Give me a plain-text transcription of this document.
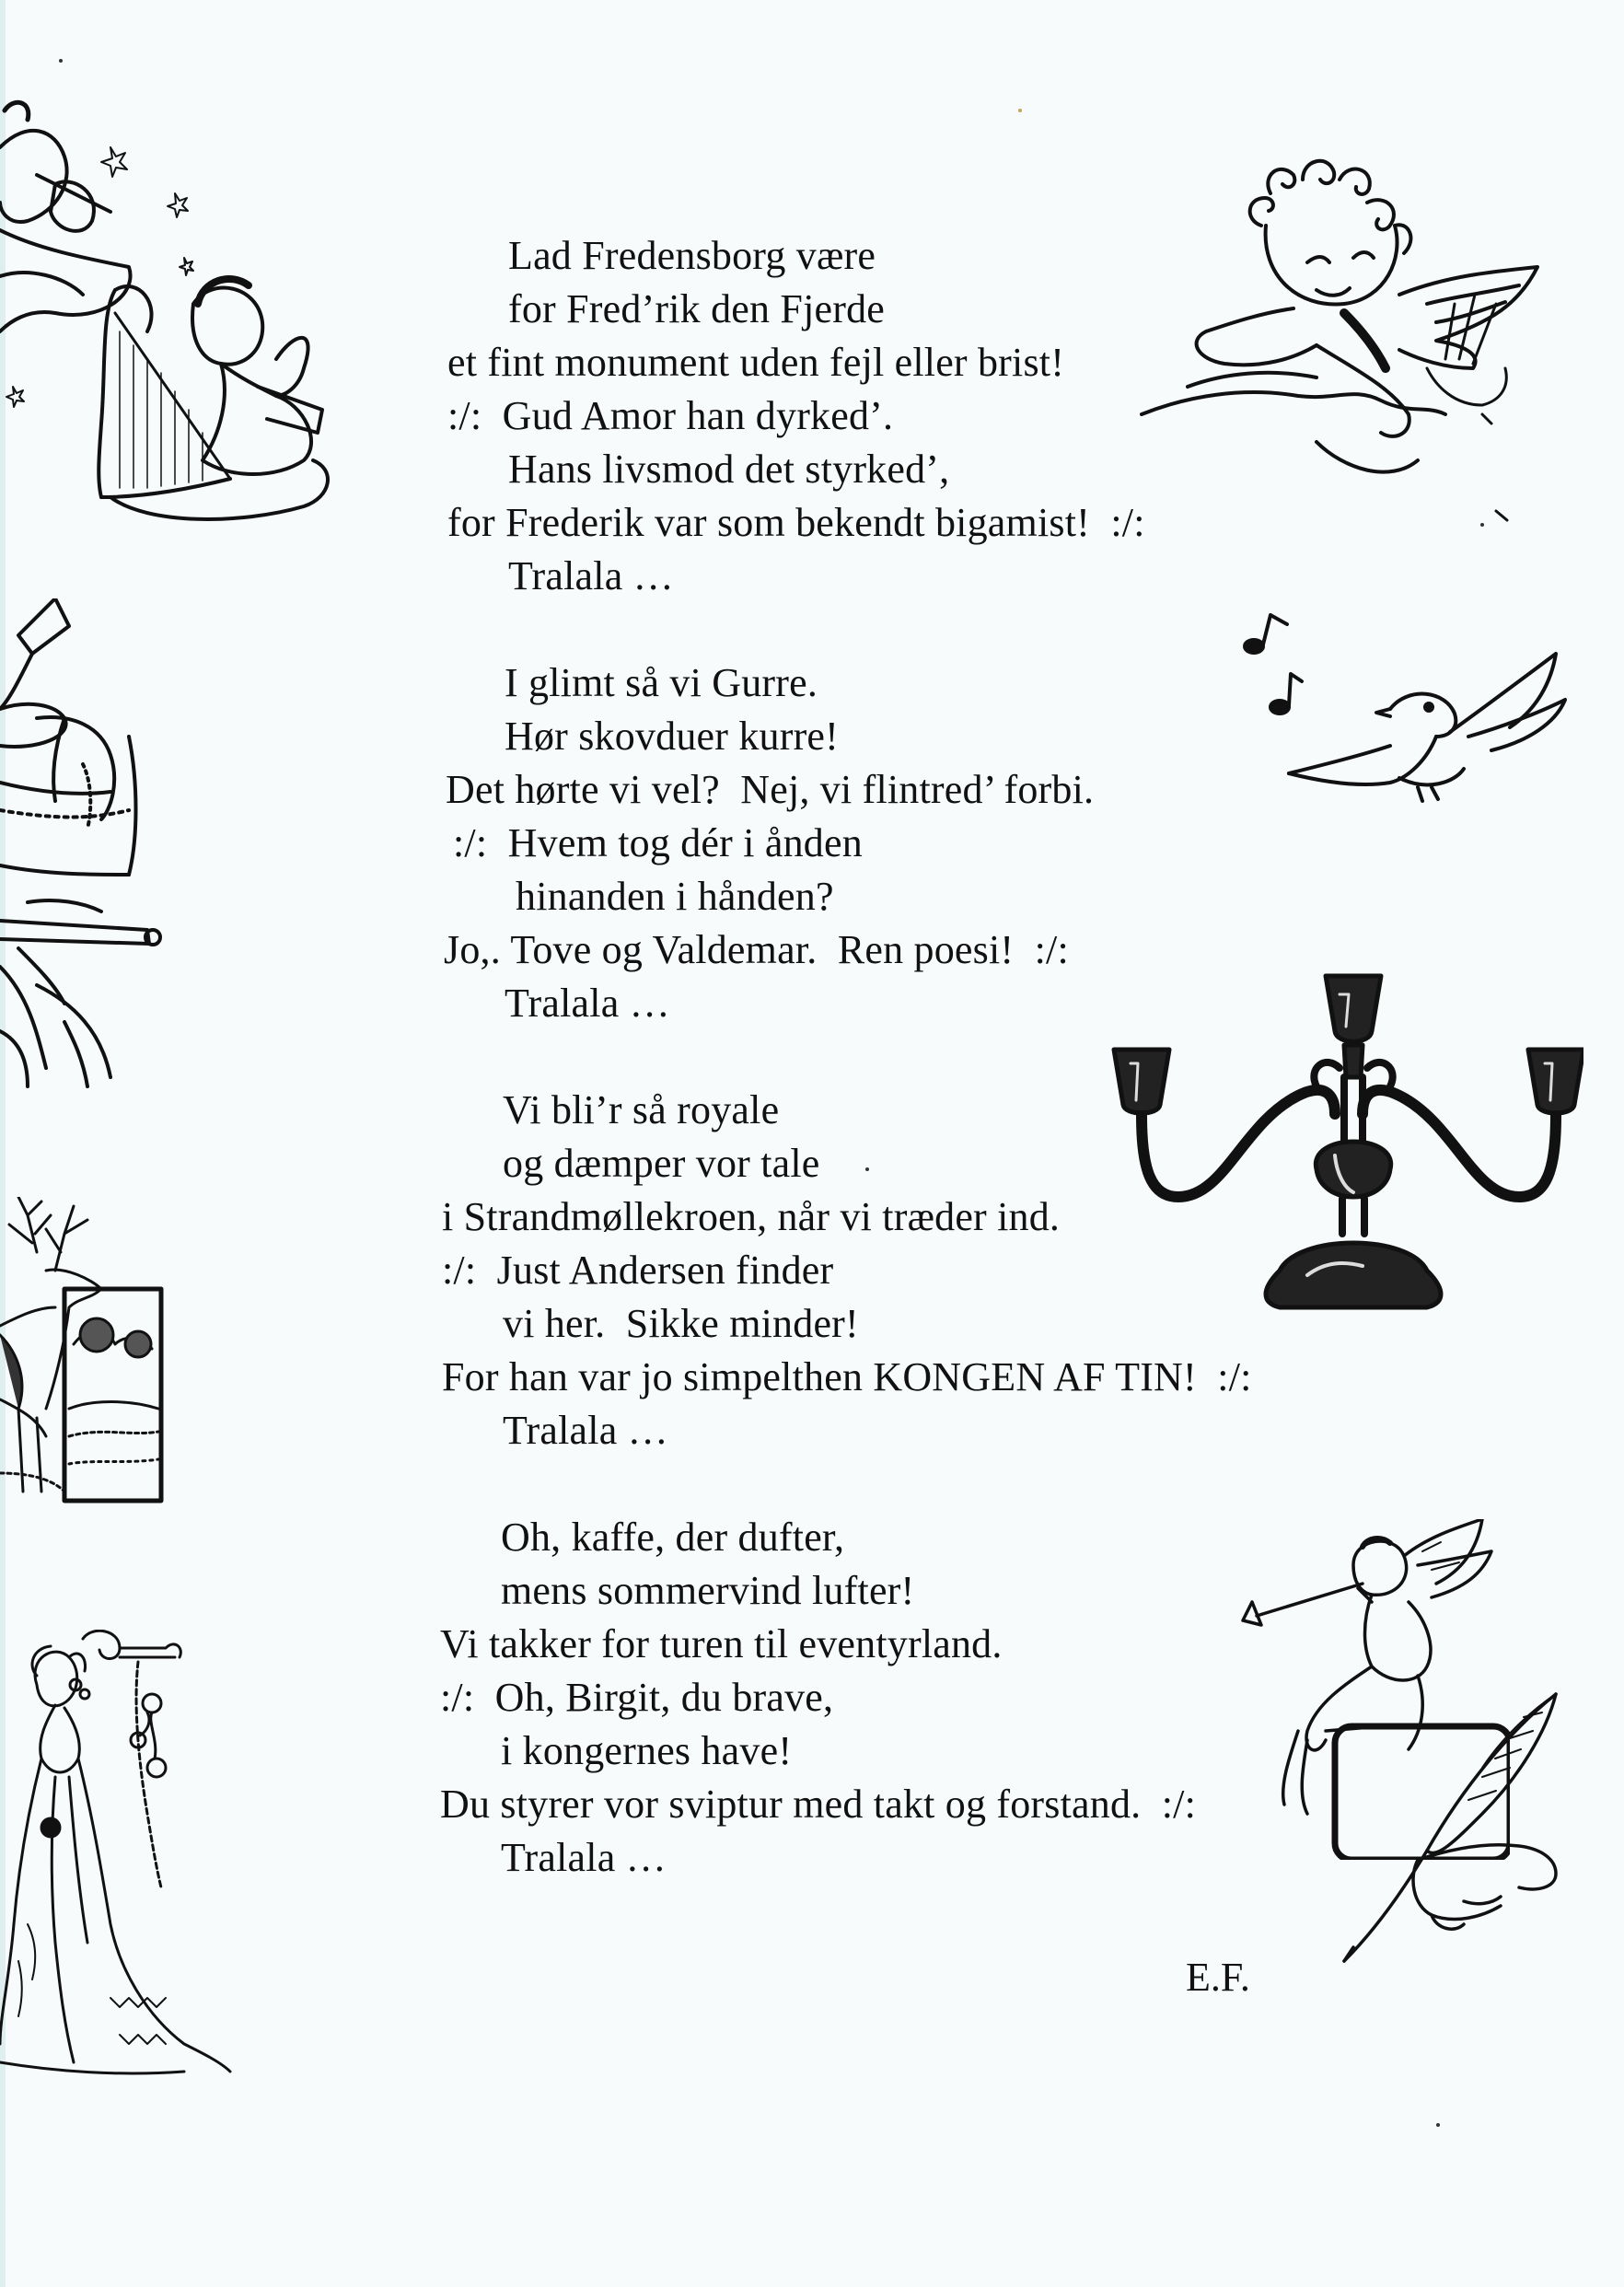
Lad Fredensborg være
for Fred’rik den Fjerde
et fint monument uden fejl eller brist!
:/:  Gud Amor han dyrked’.
Hans livsmod det styrked’,
for Frederik var som bekendt bigamist!  :/:
Tralala …
I glimt så vi Gurre.
Hør skovduer kurre!
Det hørte vi vel?  Nej, vi flintred’ forbi.
:/:  Hvem tog dér i ånden
hinanden i hånden?
Jo,. Tove og Valdemar.  Ren poesi!  :/:
Tralala …
Vi bli’r så royale
og dæmper vor tale
i Strandmøllekroen, når vi træder ind.
:/:  Just Andersen finder
vi her.  Sikke minder!
For han var jo simpelthen KONGEN AF TIN!  :/:
Tralala …
Oh, kaffe, der dufter,
mens sommervind lufter!
Vi takker for turen til eventyrland.
:/:  Oh, Birgit, du brave,
i kongernes have!
Du styrer vor sviptur med takt og forstand.  :/:
Tralala …
E.F.
